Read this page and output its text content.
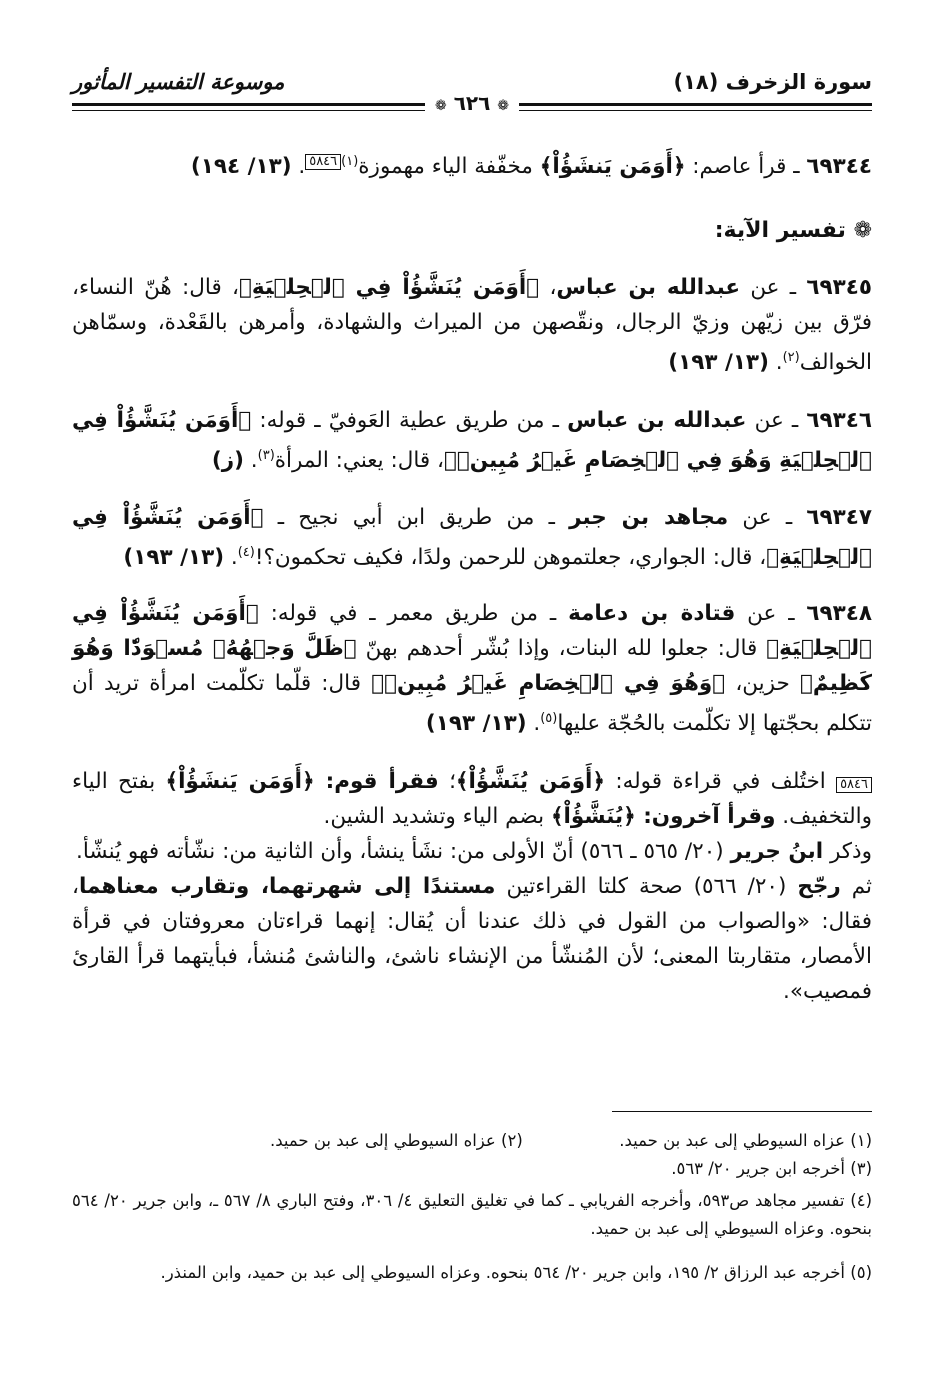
سورة الزخرف (١٨)
موسوعة التفسير المأثور
❁ ٦٢٦ ❁
٦٩٣٤٤ ـ قرأ عاصم: ﴿أَوَمَن يَنشَؤُاْ﴾ مخفّفة الياء مهموزة$^{(١)}$٥٨٤٦. (١٣/ ١٩٤)
❁ تفسير الآية:
٦٩٣٤٥ ـ عن عبدالله بن عباس، ﴿أَوَمَن يُنَشَّؤُاْ فِي ٱلۡحِلۡيَةِ﴾، قال: هُنّ النساء، فرّق بين زيّهن وزيّ الرجال، ونقّصهن من الميراث والشهادة، وأمرهن بالقَعْدة، وسمّاهن الخوالف$^{(٢)}$. (١٣/ ١٩٣)
٦٩٣٤٦ ـ عن عبدالله بن عباس ـ من طريق عطية العَوفيّ ـ قوله: ﴿أَوَمَن يُنَشَّؤُاْ فِي ٱلۡحِلۡيَةِ وَهُوَ فِي ٱلۡخِصَامِ غَيۡرُ مُبِينٖ﴾، قال: يعني: المرأة$^{(٣)}$. (ز)
٦٩٣٤٧ ـ عن مجاهد بن جبر ـ من طريق ابن أبي نجيح ـ ﴿أَوَمَن يُنَشَّؤُاْ فِي ٱلۡحِلۡيَةِ﴾، قال: الجواري، جعلتموهن للرحمن ولدًا، فكيف تحكمون؟!$^{(٤)}$. (١٣/ ١٩٣)
٦٩٣٤٨ ـ عن قتادة بن دعامة ـ من طريق معمر ـ في قوله: ﴿أَوَمَن يُنَشَّؤُاْ فِي ٱلۡحِلۡيَةِ﴾ قال: جعلوا لله البنات، وإذا بُشّر أحدهم بهنّ ﴿ظَلَّ وَجۡهُهُۥ مُسۡوَدّٗا وَهُوَ كَظِيمٌ﴾ حزين، ﴿وَهُوَ فِي ٱلۡخِصَامِ غَيۡرُ مُبِينٖ﴾ قال: قلّما تكلّمت امرأة تريد أن تتكلم بحجّتها إلا تكلّمت بالحُجّة عليها$^{(٥)}$. (١٣/ ١٩٣)
٥٨٤٦ اختُلف في قراءة قوله: ﴿أَوَمَن يُنَشَّؤُاْ﴾؛ فقرأ قوم: ﴿أَوَمَن يَنشَؤُاْ﴾ بفتح الياء والتخفيف. وقرأ آخرون: ﴿يُنَشَّؤُاْ﴾ بضم الياء وتشديد الشين.
وذكر ابنُ جرير (٢٠/ ٥٦٥ ـ ٥٦٦) أنّ الأولى من: نشَأ ينشأ، وأن الثانية من: نشّأته فهو يُنشّأ.
ثم رجّح (٢٠/ ٥٦٦) صحة كلتا القراءتين مستندًا إلى شهرتهما، وتقارب معناهما، فقال: «والصواب من القول في ذلك عندنا أن يُقال: إنهما قراءتان معروفتان في قرأة الأمصار، متقاربتا المعنى؛ لأن المُنشّأ من الإنشاء ناشئ، والناشئ مُنشأ، فبأيتهما قرأ القارئ فمصيب».
(١) عزاه السيوطي إلى عبد بن حميد.
(٢) عزاه السيوطي إلى عبد بن حميد.
(٣) أخرجه ابن جرير ٢٠/ ٥٦٣.
(٤) تفسير مجاهد ص٥٩٣، وأخرجه الفريابي ـ كما في تغليق التعليق ٤/ ٣٠٦، وفتح الباري ٨/ ٥٦٧ ـ، وابن جرير ٢٠/ ٥٦٤ بنحوه. وعزاه السيوطي إلى عبد بن حميد.
(٥) أخرجه عبد الرزاق ٢/ ١٩٥، وابن جرير ٢٠/ ٥٦٤ بنحوه. وعزاه السيوطي إلى عبد بن حميد، وابن المنذر.
